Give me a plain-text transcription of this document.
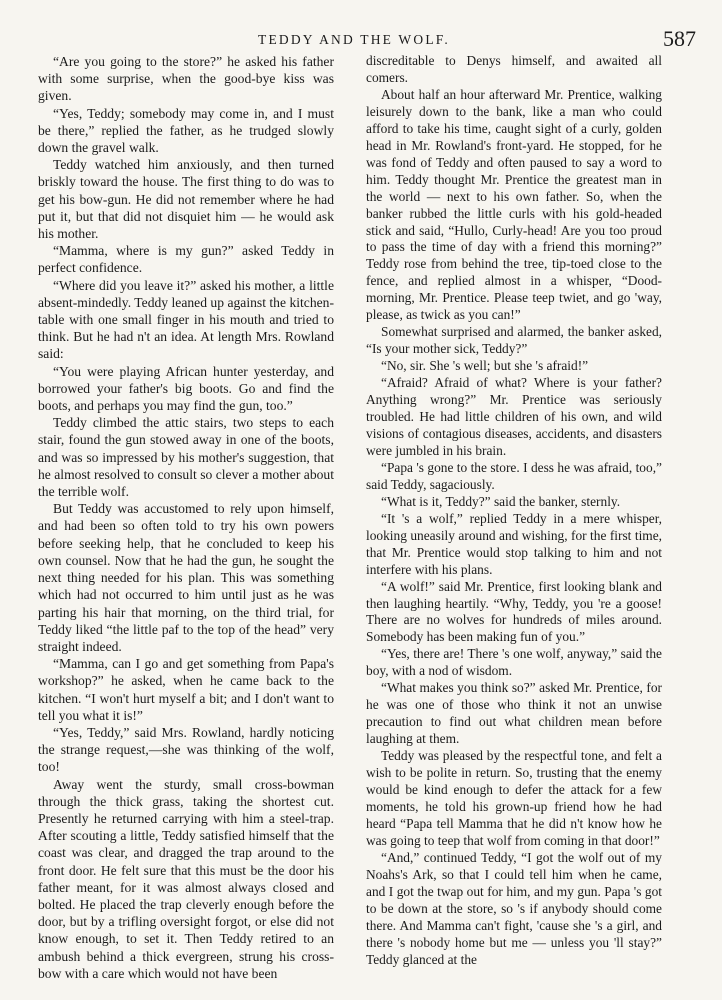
TEDDY AND THE WOLF.	587

“Are you going to the store?” he asked his father with some surprise, when the good-bye kiss was given.

“Yes, Teddy; somebody may come in, and I must be there,” replied the father, as he trudged slowly down the gravel walk.

Teddy watched him anxiously, and then turned briskly toward the house. The first thing to do was to get his bow-gun. He did not remember where he had put it, but that did not disquiet him — he would ask his mother.

“Mamma, where is my gun?” asked Teddy in perfect confidence.

“Where did you leave it?” asked his mother, a little absent-mindedly. Teddy leaned up against the kitchen-table with one small finger in his mouth and tried to think. But he had n't an idea. At length Mrs. Rowland said:

“You were playing African hunter yesterday, and borrowed your father's big boots. Go and find the boots, and perhaps you may find the gun, too.”

Teddy climbed the attic stairs, two steps to each stair, found the gun stowed away in one of the boots, and was so impressed by his mother's suggestion, that he almost resolved to consult so clever a mother about the terrible wolf.

But Teddy was accustomed to rely upon himself, and had been so often told to try his own powers before seeking help, that he concluded to keep his own counsel. Now that he had the gun, he sought the next thing needed for his plan. This was something which had not occurred to him until just as he was parting his hair that morning, on the third trial, for Teddy liked “the little paf to the top of the head” very straight indeed.

“Mamma, can I go and get something from Papa's workshop?” he asked, when he came back to the kitchen. “I won't hurt myself a bit; and I don't want to tell you what it is!”

“Yes, Teddy,” said Mrs. Rowland, hardly noticing the strange request,—she was thinking of the wolf, too!

Away went the sturdy, small cross-bowman through the thick grass, taking the shortest cut. Presently he returned carrying with him a steel-trap. After scouting a little, Teddy satisfied himself that the coast was clear, and dragged the trap around to the front door. He felt sure that this must be the door his father meant, for it was almost always closed and bolted. He placed the trap cleverly enough before the door, but by a trifling oversight forgot, or else did not know enough, to set it. Then Teddy retired to an ambush behind a thick evergreen, strung his cross-bow with a care which would not have been

discreditable to Denys himself, and awaited all comers.

About half an hour afterward Mr. Prentice, walking leisurely down to the bank, like a man who could afford to take his time, caught sight of a curly, golden head in Mr. Rowland's front-yard. He stopped, for he was fond of Teddy and often paused to say a word to him. Teddy thought Mr. Prentice the greatest man in the world — next to his own father. So, when the banker rubbed the little curls with his gold-headed stick and said, “Hullo, Curly-head! Are you too proud to pass the time of day with a friend this morning?” Teddy rose from behind the tree, tip-toed close to the fence, and replied almost in a whisper, “Dood-morning, Mr. Prentice. Please teep twiet, and go 'way, please, as twick as you can!”

Somewhat surprised and alarmed, the banker asked, “Is your mother sick, Teddy?”

“No, sir. She 's well; but she 's afraid!”

“Afraid? Afraid of what? Where is your father? Anything wrong?” Mr. Prentice was seriously troubled. He had little children of his own, and wild visions of contagious diseases, accidents, and disasters were jumbled in his brain.

“Papa 's gone to the store. I dess he was afraid, too,” said Teddy, sagaciously.

“What is it, Teddy?” said the banker, sternly.

“It 's a wolf,” replied Teddy in a mere whisper, looking uneasily around and wishing, for the first time, that Mr. Prentice would stop talking to him and not interfere with his plans.

“A wolf!” said Mr. Prentice, first looking blank and then laughing heartily. “Why, Teddy, you 're a goose! There are no wolves for hundreds of miles around. Somebody has been making fun of you.”

“Yes, there are! There 's one wolf, anyway,” said the boy, with a nod of wisdom.

“What makes you think so?” asked Mr. Prentice, for he was one of those who think it not an unwise precaution to find out what children mean before laughing at them.

Teddy was pleased by the respectful tone, and felt a wish to be polite in return. So, trusting that the enemy would be kind enough to defer the attack for a few moments, he told his grown-up friend how he had heard “Papa tell Mamma that he did n't know how he was going to teep that wolf from coming in that door!”

“And,” continued Teddy, “I got the wolf out of my Noahs's Ark, so that I could tell him when he came, and I got the twap out for him, and my gun. Papa 's got to be down at the store, so 's if anybody should come there. And Mamma can't fight, 'cause she 's a girl, and there 's nobody home but me — unless you 'll stay?” Teddy glanced at the
